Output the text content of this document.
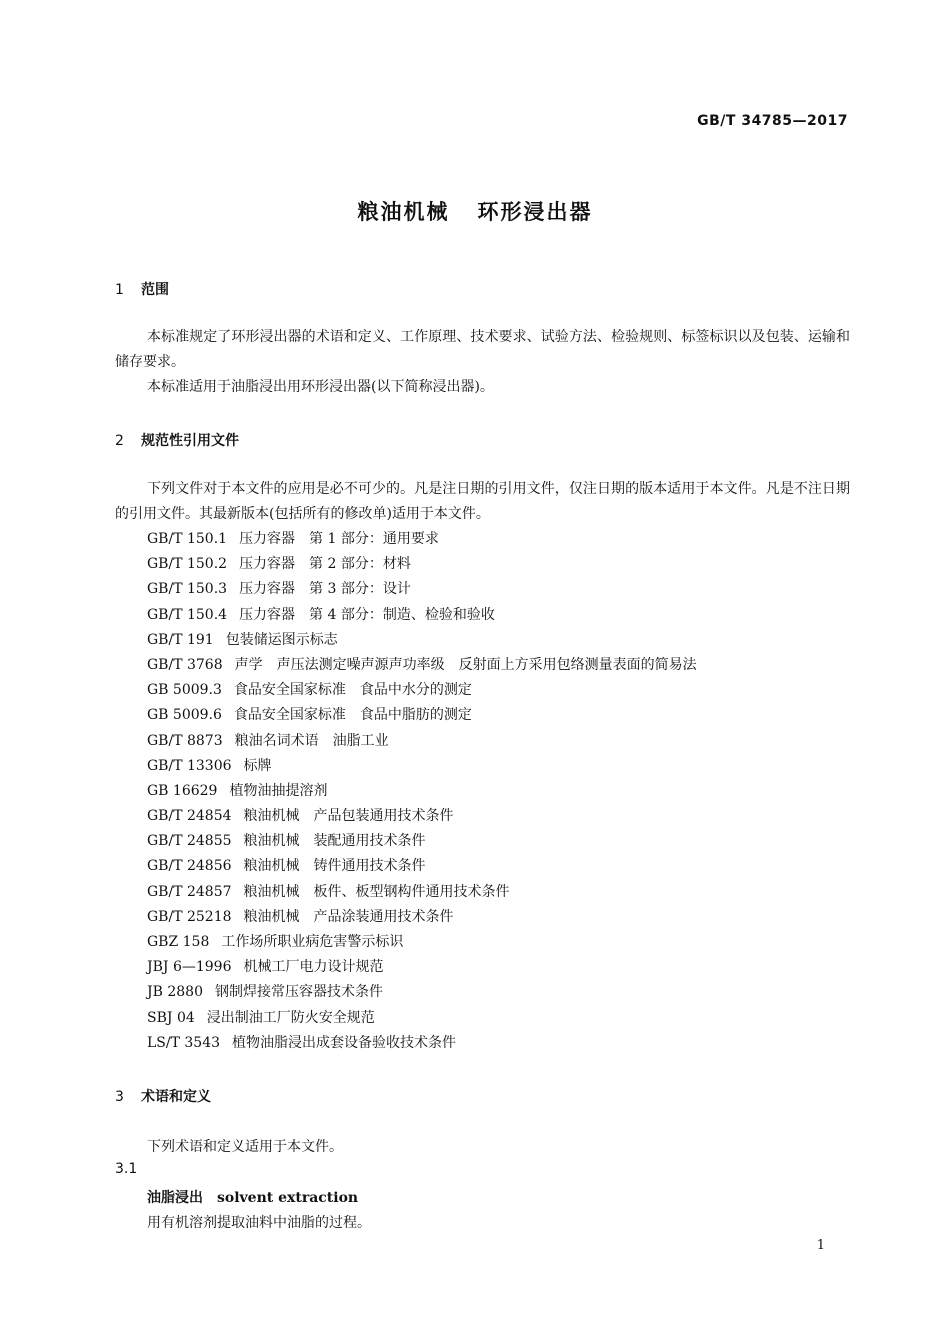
GB/T 34785—2017
粮油机械 环形浸出器
1 范围
本标准规定了环形浸出器的术语和定义、工作原理、技术要求、试验方法、检验规则、标签标识以及包装、运输和储存要求。
本标准适用于油脂浸出用环形浸出器(以下简称浸出器)。
2 规范性引用文件
下列文件对于本文件的应用是必不可少的。凡是注日期的引用文件，仅注日期的版本适用于本文件。凡是不注日期的引用文件。其最新版本(包括所有的修改单)适用于本文件。
GB/T 150.1 压力容器　第 1 部分：通用要求
GB/T 150.2 压力容器　第 2 部分：材料
GB/T 150.3 压力容器　第 3 部分：设计
GB/T 150.4 压力容器　第 4 部分：制造、检验和验收
GB/T 191 包装储运图示标志
GB/T 3768 声学　声压法测定噪声源声功率级　反射面上方采用包络测量表面的简易法
GB 5009.3 食品安全国家标准　食品中水分的测定
GB 5009.6 食品安全国家标准　食品中脂肪的测定
GB/T 8873 粮油名词术语　油脂工业
GB/T 13306 标牌
GB 16629 植物油抽提溶剂
GB/T 24854 粮油机械　产品包装通用技术条件
GB/T 24855 粮油机械　装配通用技术条件
GB/T 24856 粮油机械　铸件通用技术条件
GB/T 24857 粮油机械　板件、板型钢构件通用技术条件
GB/T 25218 粮油机械　产品涂装通用技术条件
GBZ 158 工作场所职业病危害警示标识
JBJ 6—1996 机械工厂电力设计规范
JB 2880 钢制焊接常压容器技术条件
SBJ 04 浸出制油工厂防火安全规范
LS/T 3543 植物油脂浸出成套设备验收技术条件
3 术语和定义
下列术语和定义适用于本文件。
3.1
油脂浸出 solvent extraction
用有机溶剂提取油料中油脂的过程。
1
